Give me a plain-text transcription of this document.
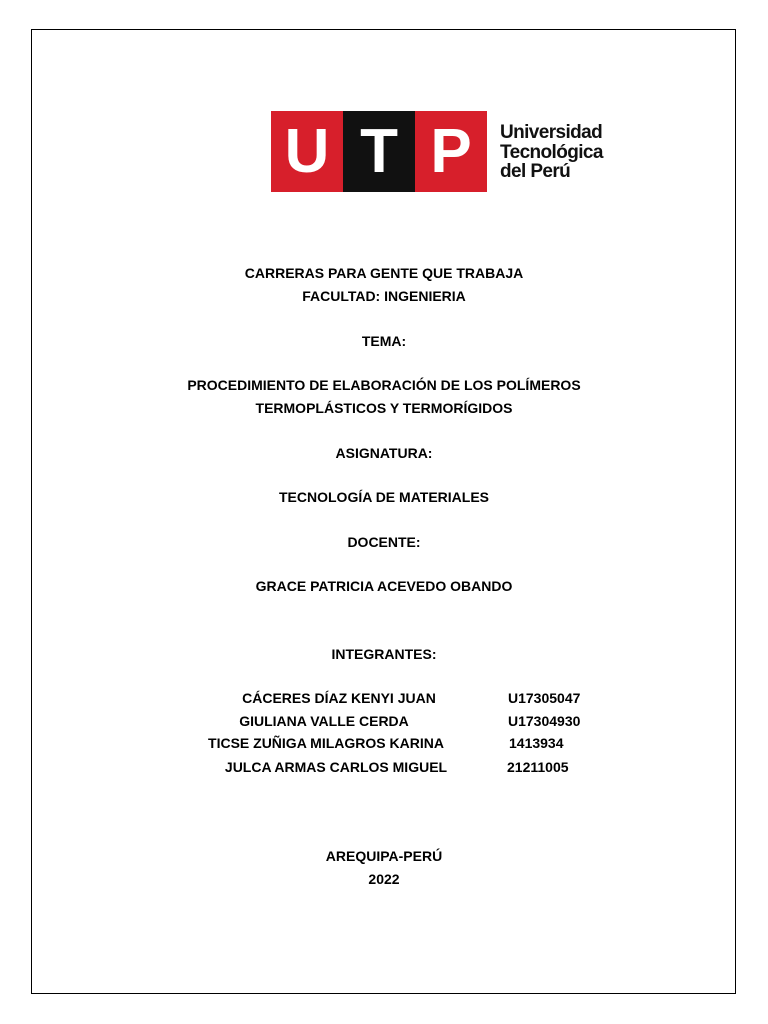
U T P Universidad
Tecnológica
del Perú
CARRERAS PARA GENTE QUE TRABAJA
FACULTAD: INGENIERIA
TEMA:
PROCEDIMIENTO DE ELABORACIÓN DE LOS POLÍMEROS
TERMOPLÁSTICOS Y TERMORÍGIDOS
ASIGNATURA:
TECNOLOGÍA DE MATERIALES
DOCENTE:
GRACE PATRICIA ACEVEDO OBANDO
INTEGRANTES:
CÁCERES DÍAZ KENYI JUAN	U17305047
GIULIANA VALLE CERDA	U17304930
TICSE ZUÑIGA MILAGROS KARINA	1413934
JULCA ARMAS CARLOS MIGUEL	21211005
AREQUIPA-PERÚ
2022
